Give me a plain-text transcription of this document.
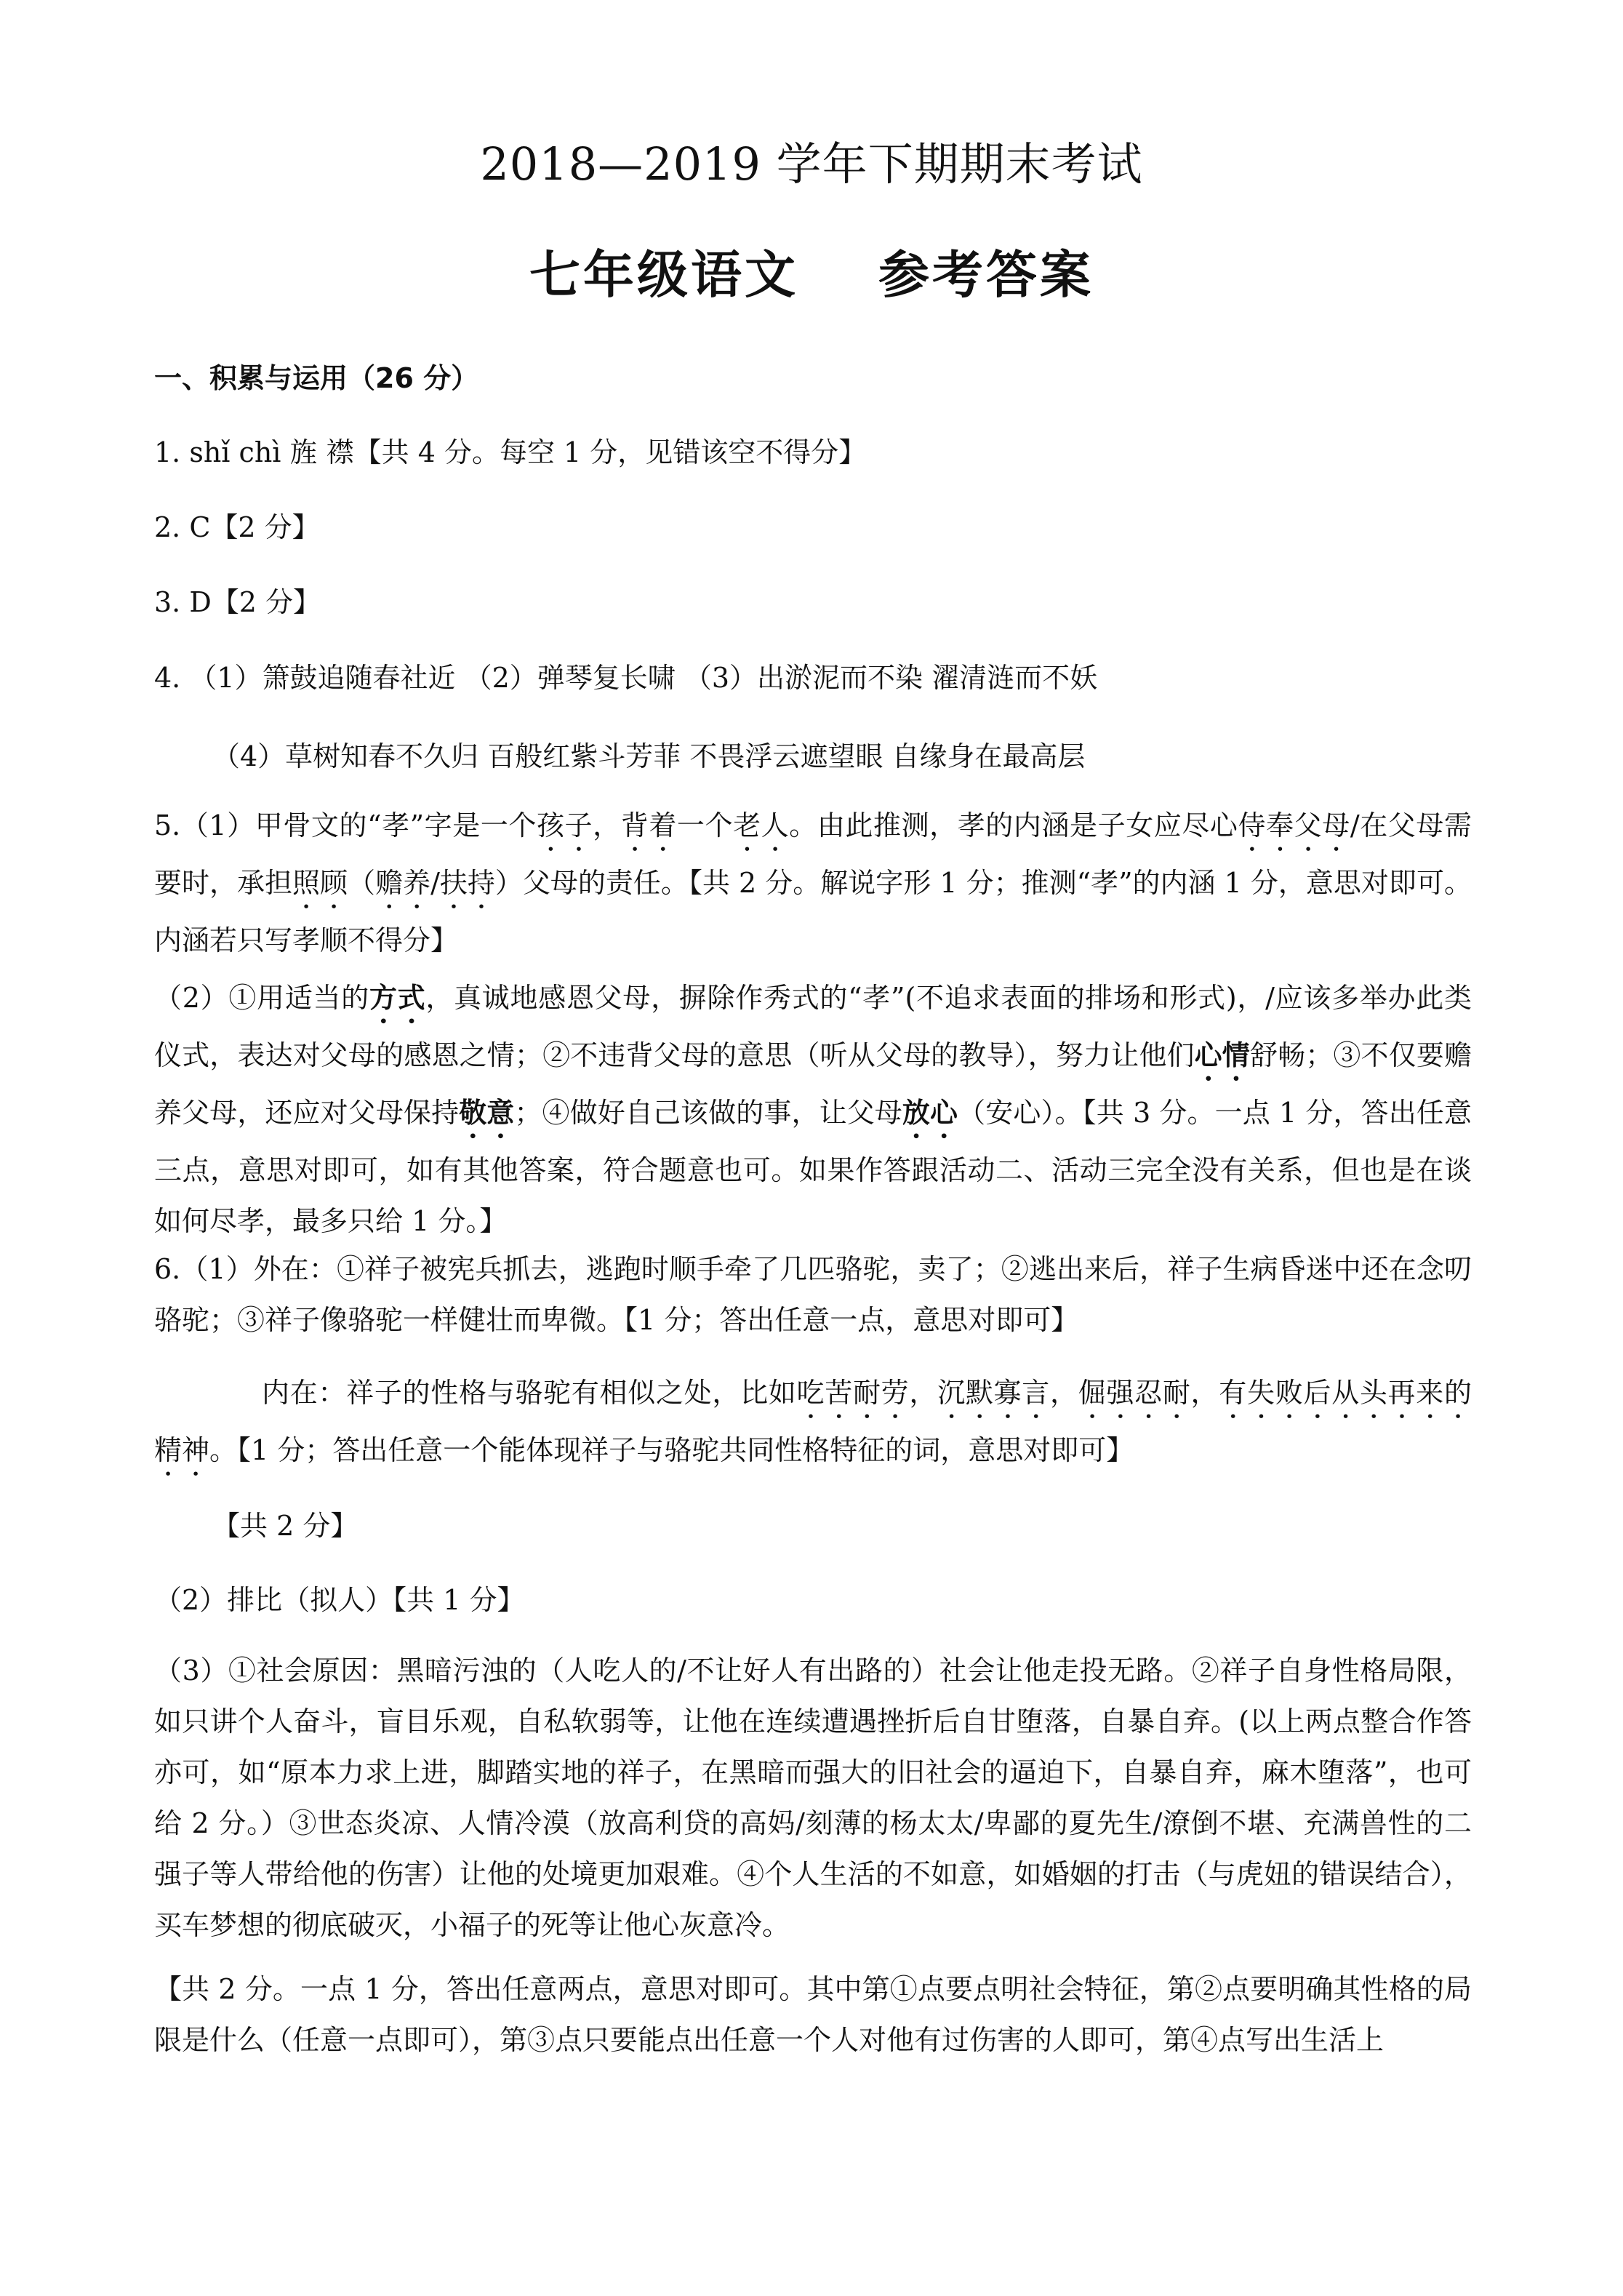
2018—2019 学年下期期末考试
七年级语文 参考答案
一、积累与运用（26 分）
1. shǐ chì 旌 襟【共 4 分。每空 1 分，见错该空不得分】
2. C【2 分】
3. D【2 分】
4. （1）箫鼓追随春社近 （2）弹琴复长啸 （3）出淤泥而不染 濯清涟而不妖
（4）草树知春不久归 百般红紫斗芳菲 不畏浮云遮望眼 自缘身在最高层
5.（1）甲骨文的“孝”字是一个孩子，背着一个老人。由此推测，孝的内涵是子女应尽心侍奉父母/在父母需要时，承担照顾（赡养/扶持）父母的责任。【共 2 分。解说字形 1 分；推测“孝”的内涵 1 分，意思对即可。内涵若只写孝顺不得分】
（2）①用适当的方式，真诚地感恩父母，摒除作秀式的“孝”(不追求表面的排场和形式)，/应该多举办此类仪式，表达对父母的感恩之情；②不违背父母的意思（听从父母的教导），努力让他们心情舒畅；③不仅要赡养父母，还应对父母保持敬意；④做好自己该做的事，让父母放心（安心）。【共 3 分。一点 1 分，答出任意三点，意思对即可，如有其他答案，符合题意也可。如果作答跟活动二、活动三完全没有关系，但也是在谈如何尽孝，最多只给 1 分。】
6.（1）外在：①祥子被宪兵抓去，逃跑时顺手牵了几匹骆驼，卖了；②逃出来后，祥子生病昏迷中还在念叨骆驼；③祥子像骆驼一样健壮而卑微。【1 分；答出任意一点，意思对即可】
内在：祥子的性格与骆驼有相似之处，比如吃苦耐劳，沉默寡言，倔强忍耐，有失败后从头再来的精神。【1 分；答出任意一个能体现祥子与骆驼共同性格特征的词，意思对即可】
【共 2 分】
（2）排比（拟人）【共 1 分】
（3）①社会原因：黑暗污浊的（人吃人的/不让好人有出路的）社会让他走投无路。②祥子自身性格局限，如只讲个人奋斗，盲目乐观，自私软弱等，让他在连续遭遇挫折后自甘堕落，自暴自弃。(以上两点整合作答亦可，如“原本力求上进，脚踏实地的祥子，在黑暗而强大的旧社会的逼迫下，自暴自弃，麻木堕落”，也可给 2 分。）③世态炎凉、人情冷漠（放高利贷的高妈/刻薄的杨太太/卑鄙的夏先生/潦倒不堪、充满兽性的二强子等人带给他的伤害）让他的处境更加艰难。④个人生活的不如意，如婚姻的打击（与虎妞的错误结合），买车梦想的彻底破灭，小福子的死等让他心灰意冷。
【共 2 分。一点 1 分，答出任意两点，意思对即可。其中第①点要点明社会特征，第②点要明确其性格的局限是什么（任意一点即可），第③点只要能点出任意一个人对他有过伤害的人即可，第④点写出生活上
